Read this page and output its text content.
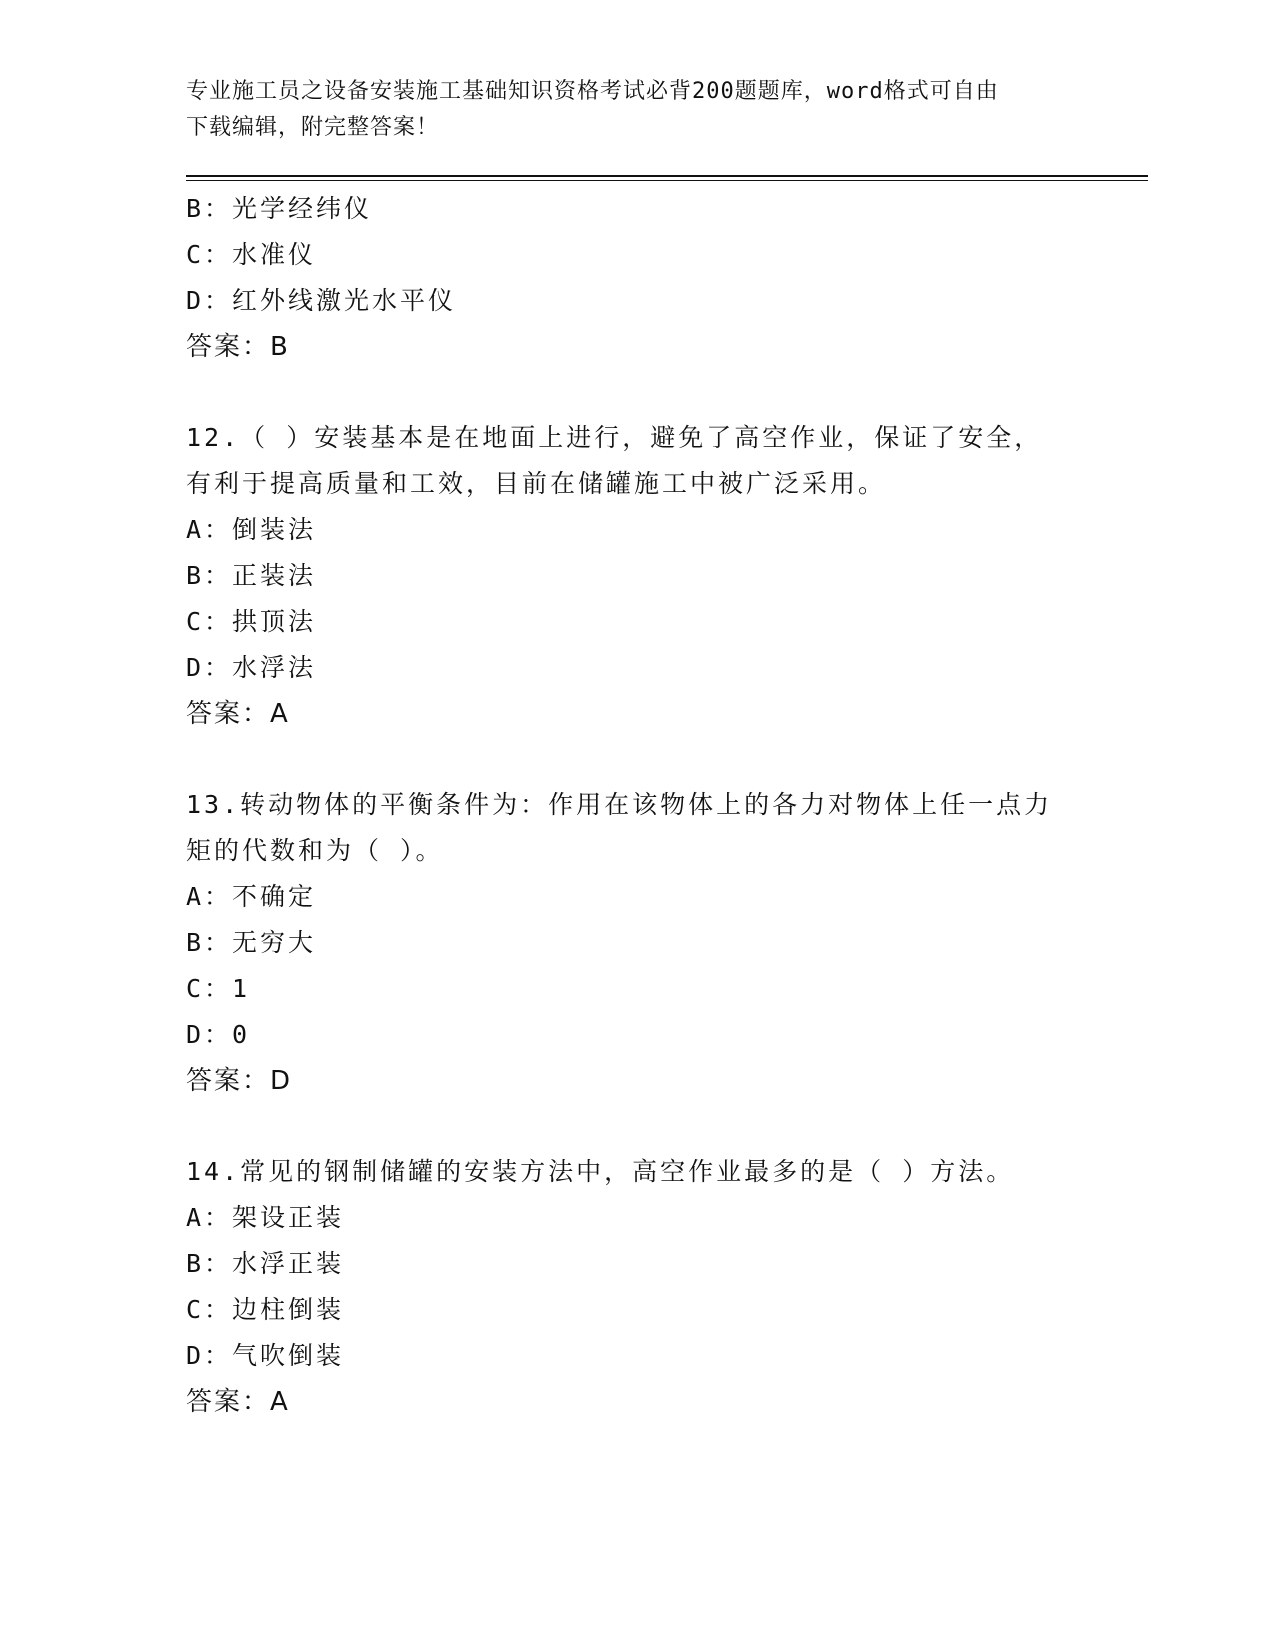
专业施工员之设备安装施工基础知识资格考试必背200题题库，word格式可自由
下载编辑，附完整答案！
B：光学经纬仪
C：水准仪
D：红外线激光水平仪
答案：B
12.（ ）安装基本是在地面上进行，避免了高空作业，保证了安全，
有利于提高质量和工效，目前在储罐施工中被广泛采用。
A：倒装法
B：正装法
C：拱顶法
D：水浮法
答案：A
13.转动物体的平衡条件为：作用在该物体上的各力对物体上任一点力
矩的代数和为（ ）。
A：不确定
B：无穷大
C：1
D：0
答案：D
14.常见的钢制储罐的安装方法中，高空作业最多的是（ ）方法。
A：架设正装
B：水浮正装
C：边柱倒装
D：气吹倒装
答案：A
